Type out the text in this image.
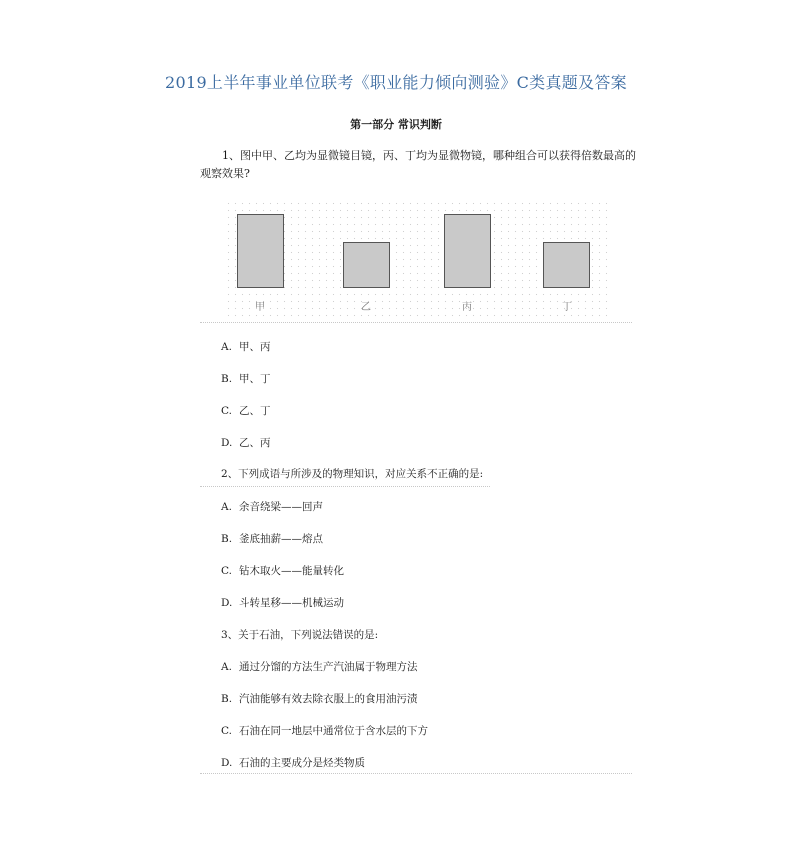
2019上半年事业单位联考《职业能力倾向测验》C类真题及答案
第一部分 常识判断
1、图中甲、乙均为显微镜目镜，丙、丁均为显微物镜，哪种组合可以获得倍数最高的
观察效果?
甲	乙	丙	丁
A. 甲、丙
B. 甲、丁
C. 乙、丁
D. 乙、丙
2、下列成语与所涉及的物理知识，对应关系不正确的是:
A. 余音绕梁——回声
B. 釜底抽薪——熔点
C. 钻木取火——能量转化
D. 斗转星移——机械运动
3、关于石油，下列说法错误的是:
A. 通过分馏的方法生产汽油属于物理方法
B. 汽油能够有效去除衣服上的食用油污渍
C. 石油在同一地层中通常位于含水层的下方
D. 石油的主要成分是烃类物质
